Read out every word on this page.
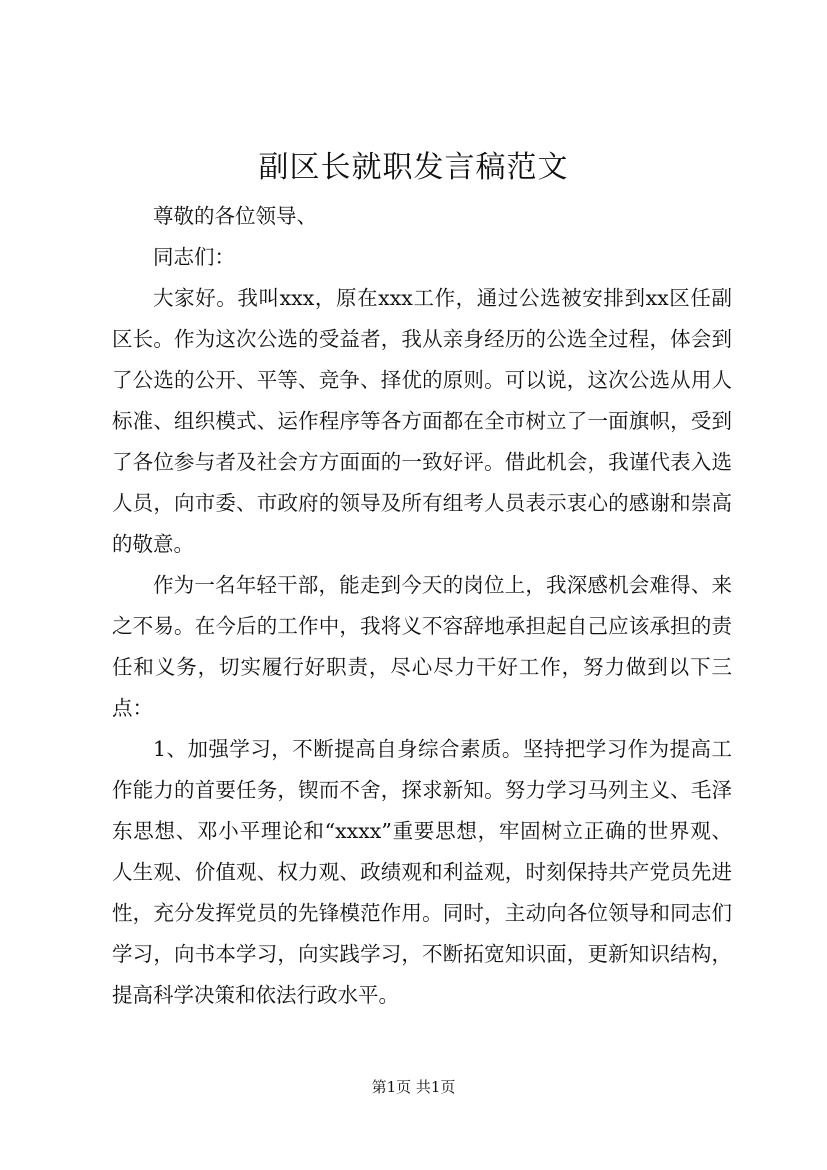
副区长就职发言稿范文

尊敬的各位领导、

同志们：

大家好。我叫xxx，原在xxx工作，通过公选被安排到xx区任副区长。作为这次公选的受益者，我从亲身经历的公选全过程，体会到了公选的公开、平等、竞争、择优的原则。可以说，这次公选从用人标准、组织模式、运作程序等各方面都在全市树立了一面旗帜，受到了各位参与者及社会方方面面的一致好评。借此机会，我谨代表入选人员，向市委、市政府的领导及所有组考人员表示衷心的感谢和崇高的敬意。

作为一名年轻干部，能走到今天的岗位上，我深感机会难得、来之不易。在今后的工作中，我将义不容辞地承担起自己应该承担的责任和义务，切实履行好职责，尽心尽力干好工作，努力做到以下三点：

1、加强学习，不断提高自身综合素质。坚持把学习作为提高工作能力的首要任务，锲而不舍，探求新知。努力学习马列主义、毛泽东思想、邓小平理论和“xxxx”重要思想，牢固树立正确的世界观、人生观、价值观、权力观、政绩观和利益观，时刻保持共产党员先进性，充分发挥党员的先锋模范作用。同时，主动向各位领导和同志们学习，向书本学习，向实践学习，不断拓宽知识面，更新知识结构，提高科学决策和依法行政水平。

第1页 共1页
